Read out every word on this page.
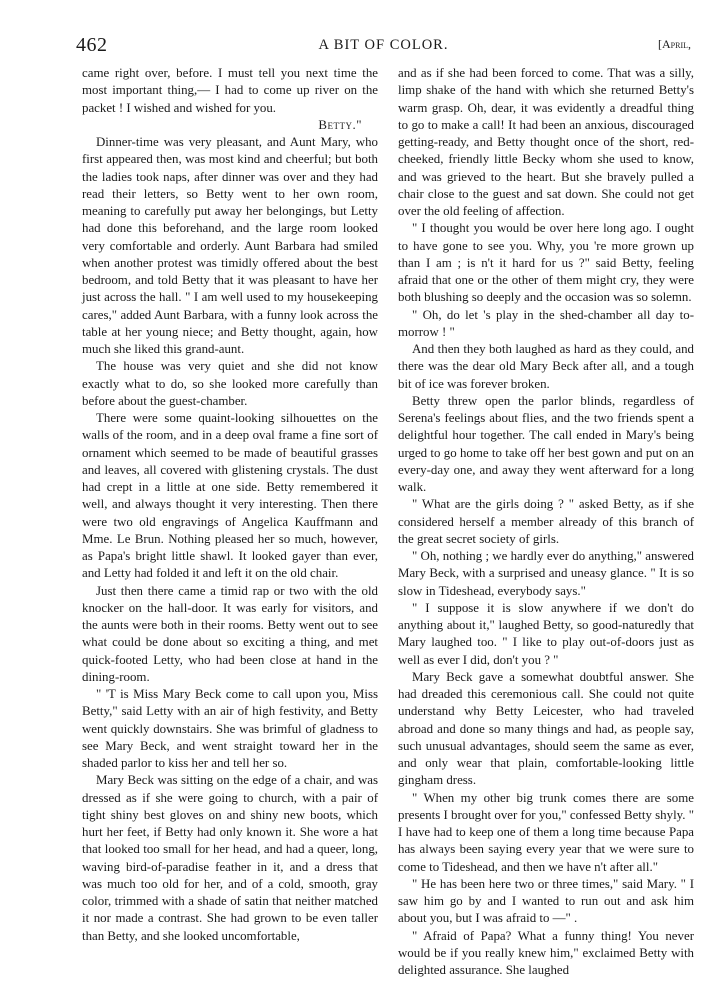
462	A BIT OF COLOR.	[April,

came right over, before. I must tell you next time the most important thing,— I had to come up river on the packet ! I wished and wished for you.

Betty."

Dinner-time was very pleasant, and Aunt Mary, who first appeared then, was most kind and cheerful; but both the ladies took naps, after dinner was over and they had read their letters, so Betty went to her own room, meaning to carefully put away her belongings, but Letty had done this beforehand, and the large room looked very comfortable and orderly. Aunt Barbara had smiled when another protest was timidly offered about the best bedroom, and told Betty that it was pleasant to have her just across the hall. " I am well used to my housekeeping cares," added Aunt Barbara, with a funny look across the table at her young niece; and Betty thought, again, how much she liked this grand-aunt.

The house was very quiet and she did not know exactly what to do, so she looked more carefully than before about the guest-chamber.

There were some quaint-looking silhouettes on the walls of the room, and in a deep oval frame a fine sort of ornament which seemed to be made of beautiful grasses and leaves, all covered with glistening crystals. The dust had crept in a little at one side. Betty remembered it well, and always thought it very interesting. Then there were two old engravings of Angelica Kauffmann and Mme. Le Brun. Nothing pleased her so much, however, as Papa's bright little shawl. It looked gayer than ever, and Letty had folded it and left it on the old chair.

Just then there came a timid rap or two with the old knocker on the hall-door. It was early for visitors, and the aunts were both in their rooms. Betty went out to see what could be done about so exciting a thing, and met quick-footed Letty, who had been close at hand in the dining-room.

" 'T is Miss Mary Beck come to call upon you, Miss Betty," said Letty with an air of high festivity, and Betty went quickly downstairs. She was brimful of gladness to see Mary Beck, and went straight toward her in the shaded parlor to kiss her and tell her so.

Mary Beck was sitting on the edge of a chair, and was dressed as if she were going to church, with a pair of tight shiny best gloves on and shiny new boots, which hurt her feet, if Betty had only known it. She wore a hat that looked too small for her head, and had a queer, long, waving bird-of-paradise feather in it, and a dress that was much too old for her, and of a cold, smooth, gray color, trimmed with a shade of satin that neither matched it nor made a contrast. She had grown to be even taller than Betty, and she looked uncomfortable,

and as if she had been forced to come. That was a silly, limp shake of the hand with which she returned Betty's warm grasp. Oh, dear, it was evidently a dreadful thing to go to make a call! It had been an anxious, discouraged getting-ready, and Betty thought once of the short, red-cheeked, friendly little Becky whom she used to know, and was grieved to the heart. But she bravely pulled a chair close to the guest and sat down. She could not get over the old feeling of affection.

" I thought you would be over here long ago. I ought to have gone to see you. Why, you 're more grown up than I am ; is n't it hard for us ?" said Betty, feeling afraid that one or the other of them might cry, they were both blushing so deeply and the occasion was so solemn.

" Oh, do let 's play in the shed-chamber all day to-morrow ! "

And then they both laughed as hard as they could, and there was the dear old Mary Beck after all, and a tough bit of ice was forever broken.

Betty threw open the parlor blinds, regardless of Serena's feelings about flies, and the two friends spent a delightful hour together. The call ended in Mary's being urged to go home to take off her best gown and put on an every-day one, and away they went afterward for a long walk.

" What are the girls doing ? " asked Betty, as if she considered herself a member already of this branch of the great secret society of girls.

" Oh, nothing ; we hardly ever do anything," answered Mary Beck, with a surprised and uneasy glance. " It is so slow in Tideshead, everybody says."

" I suppose it is slow anywhere if we don't do anything about it," laughed Betty, so good-naturedly that Mary laughed too. " I like to play out-of-doors just as well as ever I did, don't you ? "

Mary Beck gave a somewhat doubtful answer. She had dreaded this ceremonious call. She could not quite understand why Betty Leicester, who had traveled abroad and done so many things and had, as people say, such unusual advantages, should seem the same as ever, and only wear that plain, comfortable-looking little gingham dress.

" When my other big trunk comes there are some presents I brought over for you," confessed Betty shyly. " I have had to keep one of them a long time because Papa has always been saying every year that we were sure to come to Tideshead, and then we have n't after all."

" He has been here two or three times," said Mary. " I saw him go by and I wanted to run out and ask him about you, but I was afraid to —" .

" Afraid of Papa? What a funny thing! You never would be if you really knew him," exclaimed Betty with delighted assurance. She laughed
